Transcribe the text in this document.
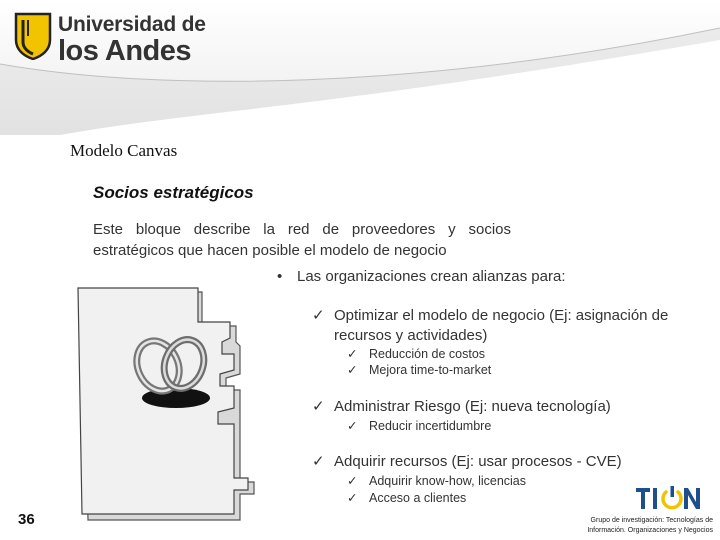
Universidad de
los Andes
Modelo Canvas
Socios estratégicos
Este bloque describe la red de proveedores y socios estratégicos que hacen posible el modelo de negocio
• Las organizaciones crean alianzas para:
✓ Optimizar el modelo de negocio (Ej: asignación de recursos y actividades)
✓ Reducción de costos
✓ Mejora time-to-market
✓ Administrar Riesgo (Ej: nueva tecnología)
✓ Reducir incertidumbre
✓ Adquirir recursos (Ej: usar procesos - CVE)
✓ Adquirir know-how, licencias
✓ Acceso a clientes
36	Grupo de investigación: Tecnologías de Información. Organizaciones y Negocios
